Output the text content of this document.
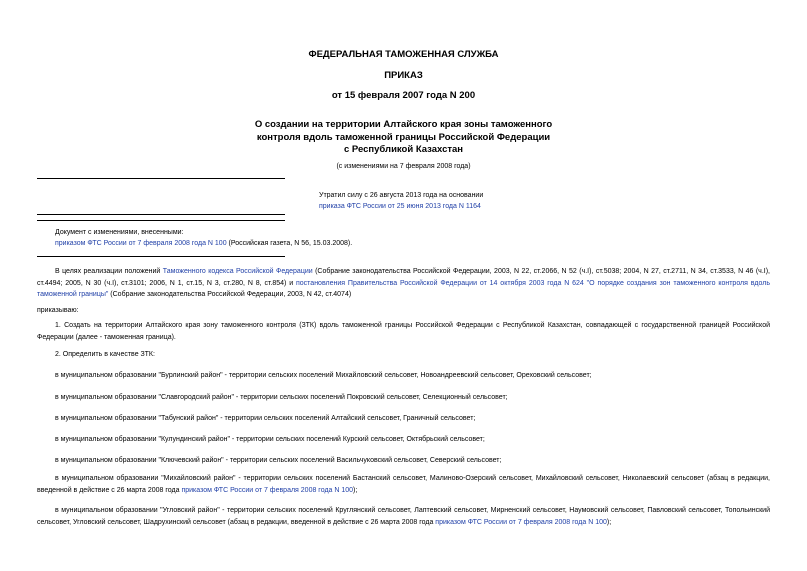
ФЕДЕРАЛЬНАЯ ТАМОЖЕННАЯ СЛУЖБА
ПРИКАЗ
от 15 февраля 2007 года N 200
О создании на территории Алтайского края зоны таможенного
контроля вдоль таможенной границы Российской Федерации
с Республикой Казахстан
(с изменениями на 7 февраля 2008 года)
Утратил силу с 26 августа 2013 года на основании
приказа ФТС России от 25 июня 2013 года N 1164
Документ с изменениями, внесенными:
приказом ФТС России от 7 февраля 2008 года N 100 (Российская газета, N 56, 15.03.2008).
В целях реализации положений Таможенного кодекса Российской Федерации (Собрание законодательства Российской Федерации, 2003, N 22, ст.2066, N 52 (ч.I), ст.5038; 2004, N 27, ст.2711, N 34, ст.3533, N 46 (ч.I), ст.4494; 2005, N 30 (ч.I), ст.3101; 2006, N 1, ст.15, N 3, ст.280, N 8, ст.854) и постановления Правительства Российской Федерации от 14 октября 2003 года N 624 "О порядке создания зон таможенного контроля вдоль таможенной границы" (Собрание законодательства Российской Федерации, 2003, N 42, ст.4074)
приказываю:
1. Создать на территории Алтайского края зону таможенного контроля (ЗТК) вдоль таможенной границы Российской Федерации с Республикой Казахстан, совпадающей с государственной границей Российской Федерации (далее - таможенная граница).
2. Определить в качестве ЗТК:
в муниципальном образовании "Бурлинский район" - территории сельских поселений Михайловский сельсовет, Новоандреевский сельсовет, Ореховский сельсовет;
в муниципальном образовании "Славгородский район" - территории сельских поселений Покровский сельсовет, Селекционный сельсовет;
в муниципальном образовании "Табунский район" - территории сельских поселений Алтайский сельсовет, Граничный сельсовет;
в муниципальном образовании "Кулундинский район" - территории сельских поселений Курский сельсовет, Октябрьский сельсовет;
в муниципальном образовании "Ключевский район" - территории сельских поселений Васильчуковский сельсовет, Северский сельсовет;
в муниципальном образовании "Михайловский район" - территории сельских поселений Бастанский сельсовет, Малиново-Озерский сельсовет, Михайловский сельсовет, Николаевский сельсовет (абзац в редакции, введенной в действие с 26 марта 2008 года приказом ФТС России от 7 февраля 2008 года N 100);
в муниципальном образовании "Угловский район" - территории сельских поселений Круглянский сельсовет, Лаптевский сельсовет, Мирненский сельсовет, Наумовский сельсовет, Павловский сельсовет, Топольинский сельсовет, Угловский сельсовет, Шадрухинский сельсовет (абзац в редакции, введенной в действие с 26 марта 2008 года приказом ФТС России от 7 февраля 2008 года N 100);
